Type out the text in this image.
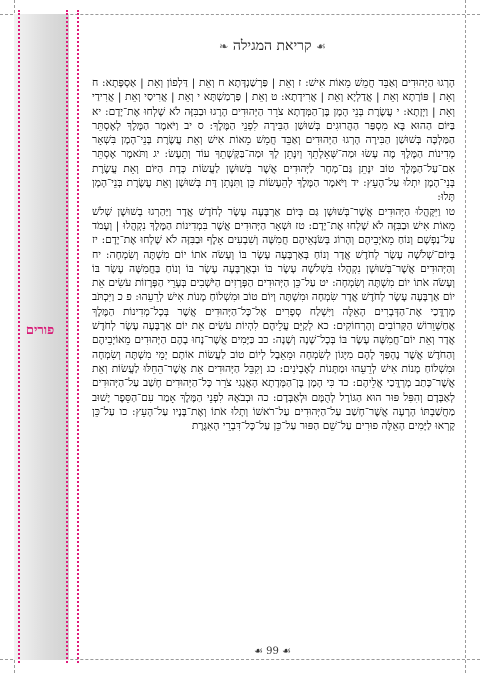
פורים
☙ קריאת המגילה ❧

הָרְגוּ הַיְּהוּדִים וְאַבֵּד חֲמֵשׁ מֵאוֹת אִישׁ: ז וְאֵת | פַּרְשַׁנְדָּתָא ח וְאֵת | דַּלְפוֹן וְאֵת | אַסְפָּתָא: ח וְאֵת | פּוֹרָתָא וְאֵת | אֲדַלְיָא וְאֵת | אֲרִידָתָא: ט וְאֵת | פַּרְמַשְׁתָּא י וְאֵת | אֲרִיסַי וְאֵת | אֲרִידַי וְאֵת | וַיְזָתָא: י עֲשֶׂרֶת בְּנֵי הָמָן בֶּן־הַמְּדָתָא צֹרֵר הַיְּהוּדִים הָרָגוּ וּבַבִּזָּה לֹא שָׁלְחוּ אֶת־יָדָם: יא בַּיּוֹם הַהוּא בָּא מִסְפַּר הַהֲרוּגִים בְּשׁוּשַׁן הַבִּירָה לִפְנֵי הַמֶּלֶךְ: ס יב וַיֹּאמֶר הַמֶּלֶךְ לְאֶסְתֵּר הַמַּלְכָּה בְּשׁוּשַׁן הַבִּירָה הָרְגוּ הַיְּהוּדִים וְאַבֵּד חֲמֵשׁ מֵאוֹת אִישׁ וְאֵת עֲשֶׂרֶת בְּנֵי־הָמָן בִּשְׁאָר מְדִינוֹת הַמֶּלֶךְ מֶה עָשׂוּ וּמַה־שְּׁאֵלָתֵךְ וְיִנָּתֵן לָךְ וּמַה־בַּקָּשָׁתֵךְ עוֹד וְתֵעָשׂ: יג וַתֹּאמֶר אֶסְתֵּר אִם־עַל־הַמֶּלֶךְ טוֹב יִנָּתֵן גַּם־מָחָר לַיְּהוּדִים אֲשֶׁר בְּשׁוּשָׁן לַעֲשׂוֹת כְּדָת הַיּוֹם וְאֵת עֲשֶׂרֶת בְּנֵי־הָמָן יִתְלוּ עַל־הָעֵץ: יד וַיֹּאמֶר הַמֶּלֶךְ לְהֵעָשׂוֹת כֵּן וַתִּנָּתֵן דָּת בְּשׁוּשָׁן וְאֵת עֲשֶׂרֶת בְּנֵי־הָמָן תָּלוּ:

טו וַיִּקָּהֲלוּ הַיְּהוּדִים אֲשֶׁר־בְּשׁוּשָׁן גַּם בְּיוֹם אַרְבָּעָה עָשָׂר לְחֹדֶשׁ אֲדָר וַיַּהַרְגוּ בְשׁוּשָׁן שְׁלשׁ מֵאוֹת אִישׁ וּבַבִּזָּה לֹא שָׁלְחוּ אֶת־יָדָם: טז וּשְׁאָר הַיְּהוּדִים אֲשֶׁר בִּמְדִינוֹת הַמֶּלֶךְ נִקְהֲלוּ | וְעָמֹד עַל־נַפְשָׁם וְנוֹחַ מֵאֹיְבֵיהֶם וְהָרוֹג בְּשֹׂנְאֵיהֶם חֲמִשָּׁה וְשִׁבְעִים אָלֶף וּבַבִּזָּה לֹא שָׁלְחוּ אֶת־יָדָם: יז בְּיוֹם־שְׁלֹשָׁה עָשָׂר לְחֹדֶשׁ אֲדָר וְנוֹחַ בְּאַרְבָּעָה עָשָׂר בּוֹ וְעָשֹׂה אֹתוֹ יוֹם מִשְׁתֶּה וְשִׂמְחָה: יח וְהַיְּהוּדִים אֲשֶׁר־בְּשׁוּשָׁן נִקְהֲלוּ בִּשְׁלשָׁה עָשָׂר בּוֹ וּבְאַרְבָּעָה עָשָׂר בּוֹ וְנוֹחַ בַּחֲמִשָּׁה עָשָׂר בּוֹ וְעָשֹׂה אֹתוֹ יוֹם מִשְׁתֶּה וְשִׂמְחָה: יט עַל־כֵּן הַיְּהוּדִים הַפְּרָזִים הַיֹּשְׁבִים בְּעָרֵי הַפְּרָזוֹת עֹשִׂים אֵת יוֹם אַרְבָּעָה עָשָׂר לְחֹדֶשׁ אֲדָר שִׂמְחָה וּמִשְׁתֶּה וְיוֹם טוֹב וּמִשְׁלוֹחַ מָנוֹת אִישׁ לְרֵעֵהוּ: פ כ וַיִּכְתֹּב מָרְדֳּכַי אֶת־הַדְּבָרִים הָאֵלֶּה וַיִּשְׁלַח סְפָרִים אֶל־כָּל־הַיְּהוּדִים אֲשֶׁר בְּכָל־מְדִינוֹת הַמֶּלֶךְ אֲחַשְׁוֵרוֹשׁ הַקְּרוֹבִים וְהָרְחוֹקִים: כא לְקַיֵּם עֲלֵיהֶם לִהְיוֹת עֹשִׂים אֵת יוֹם אַרְבָּעָה עָשָׂר לְחֹדֶשׁ אֲדָר וְאֵת יוֹם־חֲמִשָּׁה עָשָׂר בּוֹ בְּכָל־שָׁנָה וְשָׁנָה: כב כַּיָּמִים אֲשֶׁר־נָחוּ בָהֶם הַיְּהוּדִים מֵאוֹיְבֵיהֶם וְהַחֹדֶשׁ אֲשֶׁר נֶהְפַּךְ לָהֶם מִיָּגוֹן לְשִׂמְחָה וּמֵאֵבֶל לְיוֹם טוֹב לַעֲשׂוֹת אוֹתָם יְמֵי מִשְׁתֶּה וְשִׂמְחָה וּמִשְׁלוֹחַ מָנוֹת אִישׁ לְרֵעֵהוּ וּמַתָּנוֹת לָאֶבְיֹנִים: כג וְקִבֵּל הַיְּהוּדִים אֵת אֲשֶׁר־הֵחֵלּוּ לַעֲשׂוֹת וְאֵת אֲשֶׁר־כָּתַב מָרְדֳּכַי אֲלֵיהֶם: כד כִּי הָמָן בֶּן־הַמְּדָתָא הָאֲגָגִי צֹרֵר כָּל־הַיְּהוּדִים חָשַׁב עַל־הַיְּהוּדִים לְאַבְּדָם וְהִפִּל פּוּר הוּא הַגּוֹרָל לְהֻמָּם וּלְאַבְּדָם: כה וּבְבֹאָהּ לִפְנֵי הַמֶּלֶךְ אָמַר עִם־הַסֵּפֶר יָשׁוּב מַחֲשַׁבְתּוֹ הָרָעָה אֲשֶׁר־חָשַׁב עַל־הַיְּהוּדִים עַל־רֹאשׁוֹ וְתָלוּ אֹתוֹ וְאֶת־בָּנָיו עַל־הָעֵץ: כו עַל־כֵּן קָרְאוּ לַיָּמִים הָאֵלֶּה פוּרִים עַל־שֵׁם הַפּוּר עַל־כֵּן עַל־כָּל־דִּבְרֵי הָאִגֶּרֶת

☙ 99 ☙
